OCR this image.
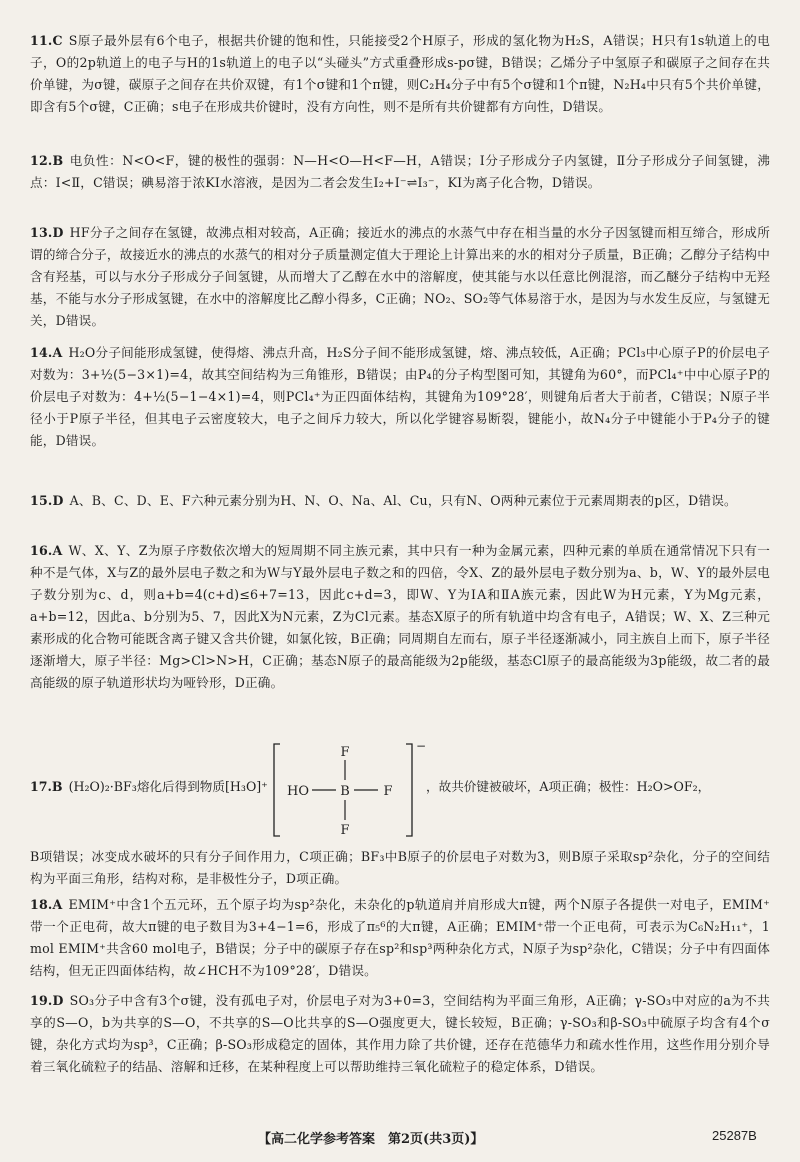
11.C S原子最外层有6个电子，根据共价键的饱和性，只能接受2个H原子，形成的氢化物为H₂S，A错误；H只有1s轨道上的电子，O的2p轨道上的电子与H的1s轨道上的电子以“头碰头”方式重叠形成s-pσ键，B错误；乙烯分子中氢原子和碳原子之间存在共价单键，为σ键，碳原子之间存在共价双键，有1个σ键和1个π键，则C₂H₄分子中有5个σ键和1个π键，N₂H₄中只有5个共价单键，即含有5个σ键，C正确；s电子在形成共价键时，没有方向性，则不是所有共价键都有方向性，D错误。
12.B 电负性：N<O<F，键的极性的强弱：N—H<O—H<F—H，A错误；Ⅰ分子形成分子内氢键，Ⅱ分子形成分子间氢键，沸点：Ⅰ<Ⅱ，C错误；碘易溶于浓KI水溶液，是因为二者会发生I₂+I⁻⇌I₃⁻，KI为离子化合物，D错误。
13.D HF分子之间存在氢键，故沸点相对较高，A正确；接近水的沸点的水蒸气中存在相当量的水分子因氢键而相互缔合，形成所谓的缔合分子，故接近水的沸点的水蒸气的相对分子质量测定值大于理论上计算出来的水的相对分子质量，B正确；乙醇分子结构中含有羟基，可以与水分子形成分子间氢键，从而增大了乙醇在水中的溶解度，使其能与水以任意比例混溶，而乙醚分子结构中无羟基，不能与水分子形成氢键，在水中的溶解度比乙醇小得多，C正确；NO₂、SO₂等气体易溶于水，是因为与水发生反应，与氢键无关，D错误。
14.A H₂O分子间能形成氢键，使得熔、沸点升高，H₂S分子间不能形成氢键，熔、沸点较低，A正确；PCl₃中心原子P的价层电子对数为：3+½(5−3×1)=4，故其空间结构为三角锥形，B错误；由P₄的分子构型图可知，其键角为60°，而PCl₄⁺中中心原子P的价层电子对数为：4+½(5−1−4×1)=4，则PCl₄⁺为正四面体结构，其键角为109°28′，则键角后者大于前者，C错误；N原子半径小于P原子半径，但其电子云密度较大，电子之间斥力较大，所以化学键容易断裂，键能小，故N₄分子中键能小于P₄分子的键能，D错误。
15.D A、B、C、D、E、F六种元素分别为H、N、O、Na、Al、Cu，只有N、O两种元素位于元素周期表的p区，D错误。
16.A W、X、Y、Z为原子序数依次增大的短周期不同主族元素，其中只有一种为金属元素，四种元素的单质在通常情况下只有一种不是气体，X与Z的最外层电子数之和为W与Y最外层电子数之和的四倍，令X、Z的最外层电子数分别为a、b，W、Y的最外层电子数分别为c、d，则a+b=4(c+d)≤6+7=13，因此c+d=3，即W、Y为ⅠA和ⅡA族元素，因此W为H元素，Y为Mg元素，a+b=12，因此a、b分别为5、7，因此X为N元素，Z为Cl元素。基态X原子的所有轨道中均含有电子，A错误；W、X、Z三种元素形成的化合物可能既含离子键又含共价键，如氯化铵，B正确；同周期自左而右，原子半径逐渐减小，同主族自上而下，原子半径逐渐增大，原子半径：Mg>Cl>N>H，C正确；基态N原子的最高能级为2p能级，基态Cl原子的最高能级为3p能级，故二者的最高能级的原子轨道形状均为哑铃形，D正确。
17.B (H₂O)₂·BF₃熔化后得到物质[H₃O]⁺
−
F
HO B	F
F
，故共价键被破坏，A项正确；极性：H₂O>OF₂，
B项错误；冰变成水破坏的只有分子间作用力，C项正确；BF₃中B原子的价层电子对数为3，则B原子采取sp²杂化，分子的空间结构为平面三角形，结构对称，是非极性分子，D项正确。
18.A EMIM⁺中含1个五元环，五个原子均为sp²杂化，未杂化的p轨道肩并肩形成大π键，两个N原子各提供一对电子，EMIM⁺带一个正电荷，故大π键的电子数目为3+4−1=6，形成了π₅⁶的大π键，A正确；EMIM⁺带一个正电荷，可表示为C₆N₂H₁₁⁺，1 mol EMIM⁺共含60 mol电子，B错误；分子中的碳原子存在sp²和sp³两种杂化方式，N原子为sp²杂化，C错误；分子中有四面体结构，但无正四面体结构，故∠HCH不为109°28′，D错误。
19.D SO₃分子中含有3个σ键，没有孤电子对，价层电子对为3+0=3，空间结构为平面三角形，A正确；γ-SO₃中对应的a为不共享的S—O，b为共享的S—O，不共享的S—O比共享的S—O强度更大，键长较短，B正确；γ-SO₃和β-SO₃中硫原子均含有4个σ键，杂化方式均为sp³，C正确；β-SO₃形成稳定的固体，其作用力除了共价键，还存在范德华力和疏水性作用，这些作用分别介导着三氧化硫粒子的结晶、溶解和迁移，在某种程度上可以帮助维持三氧化硫粒子的稳定体系，D错误。
【高二化学参考答案　第2页(共3页)】	25287B
